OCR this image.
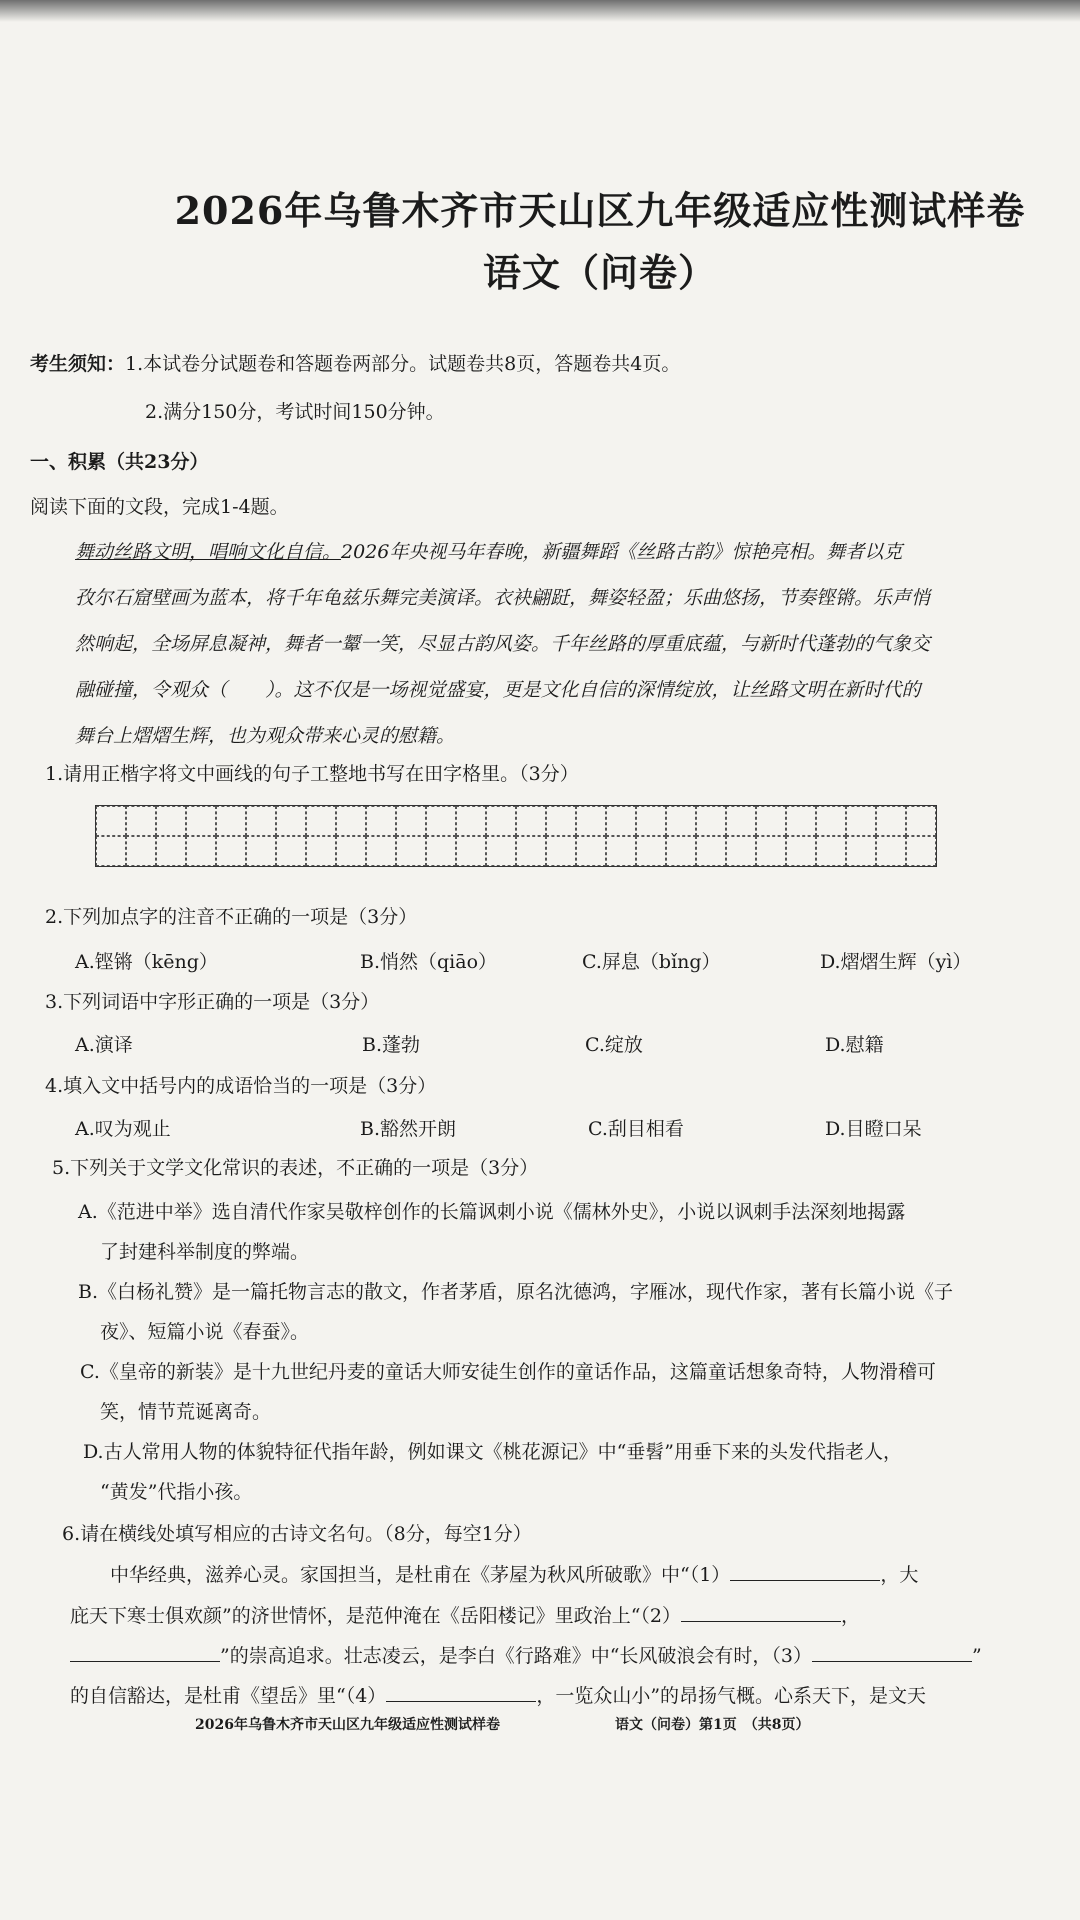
2026年乌鲁木齐市天山区九年级适应性测试样卷
语文（问卷）
考生须知：1.本试卷分试题卷和答题卷两部分。试题卷共8页，答题卷共4页。
2.满分150分，考试时间150分钟。
一、积累（共23分）
阅读下面的文段，完成1-4题。
舞动丝路文明，唱响文化自信。2026年央视马年春晚，新疆舞蹈《丝路古韵》惊艳亮相。舞者以克
孜尔石窟壁画为蓝本，将千年龟兹乐舞完美演译。衣袂翩跹，舞姿轻盈；乐曲悠扬，节奏铿锵。乐声悄
然响起，全场屏息凝神，舞者一颦一笑，尽显古韵风姿。千年丝路的厚重底蕴，与新时代蓬勃的气象交
融碰撞，令观众（　　）。这不仅是一场视觉盛宴，更是文化自信的深情绽放，让丝路文明在新时代的
舞台上熠熠生辉，也为观众带来心灵的慰籍。
1.请用正楷字将文中画线的句子工整地书写在田字格里。（3分）
2.下列加点字的注音不正确的一项是（3分）
A.铿锵（kēng）	B.悄然（qiāo）	C.屏息（bǐng）	D.熠熠生辉（yì）
3.下列词语中字形正确的一项是（3分）
A.演译	B.蓬勃	C.绽放	D.慰籍
4.填入文中括号内的成语恰当的一项是（3分）
A.叹为观止	B.豁然开朗	C.刮目相看	D.目瞪口呆
5.下列关于文学文化常识的表述，不正确的一项是（3分）
A.《范进中举》选自清代作家吴敬梓创作的长篇讽刺小说《儒林外史》，小说以讽刺手法深刻地揭露
了封建科举制度的弊端。
B.《白杨礼赞》是一篇托物言志的散文，作者茅盾，原名沈德鸿，字雁冰，现代作家，著有长篇小说《子
夜》、短篇小说《春蚕》。
C.《皇帝的新装》是十九世纪丹麦的童话大师安徒生创作的童话作品，这篇童话想象奇特，人物滑稽可
笑，情节荒诞离奇。
D.古人常用人物的体貌特征代指年龄，例如课文《桃花源记》中“垂髫”用垂下来的头发代指老人，
“黄发”代指小孩。
6.请在横线处填写相应的古诗文名句。（8分，每空1分）
中华经典，滋养心灵。家国担当，是杜甫在《茅屋为秋风所破歌》中“（1）	，大
庇天下寒士俱欢颜”的济世情怀，是范仲淹在《岳阳楼记》里政治上“（2）	，
”的崇高追求。壮志凌云，是李白《行路难》中“长风破浪会有时，（3）	”
的自信豁达，是杜甫《望岳》里“（4）	，一览众山小”的昂扬气概。心系天下，是文天
2026年乌鲁木齐市天山区九年级适应性测试样卷	语文（问卷）第1页　（共8页）
